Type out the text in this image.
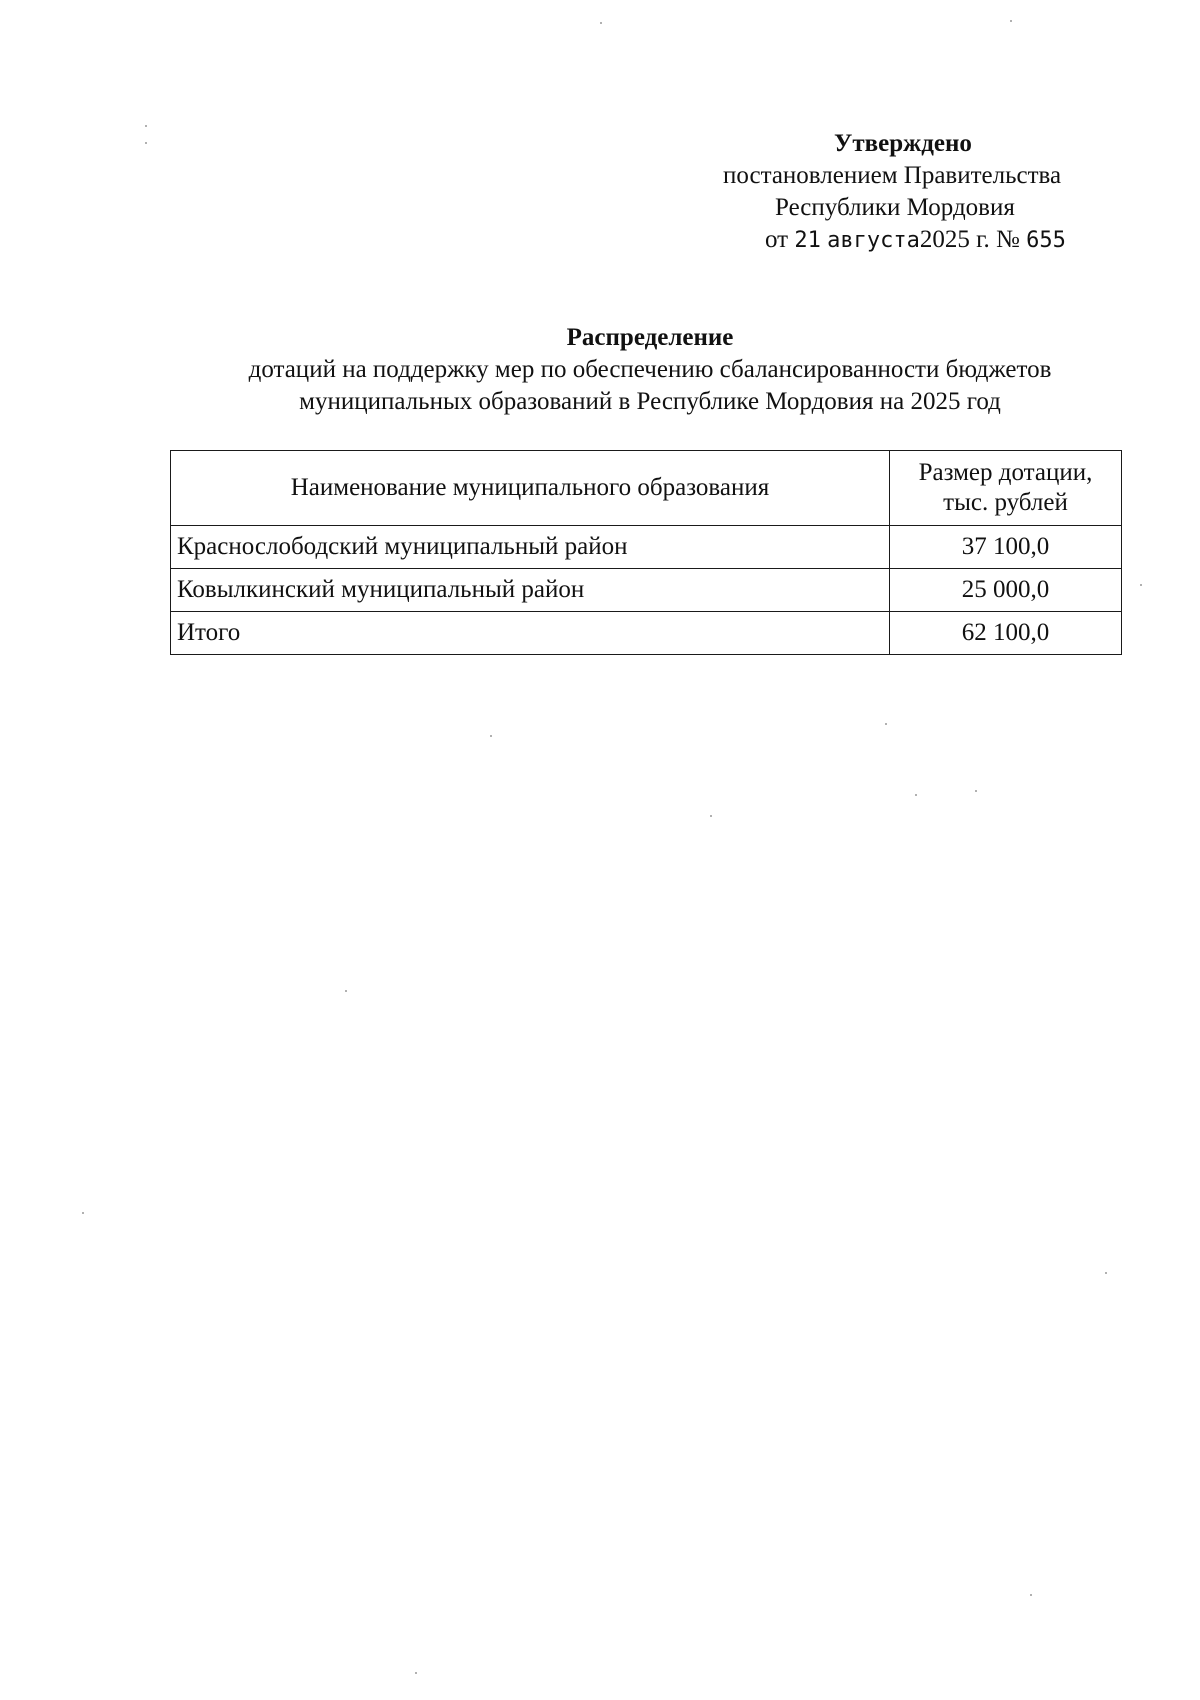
Утверждено
постановлением Правительства
Республики Мордовия
от 21 августа2025 г. № 655
Распределение
дотаций на поддержку мер по обеспечению сбалансированности бюджетов
муниципальных образований в Республике Мордовия на 2025 год
Наименование муниципального образования	Размер дотации,
тыс. рублей
Краснослободский муниципальный район	37 100,0
Ковылкинский муниципальный район	25 000,0
Итого	62 100,0
